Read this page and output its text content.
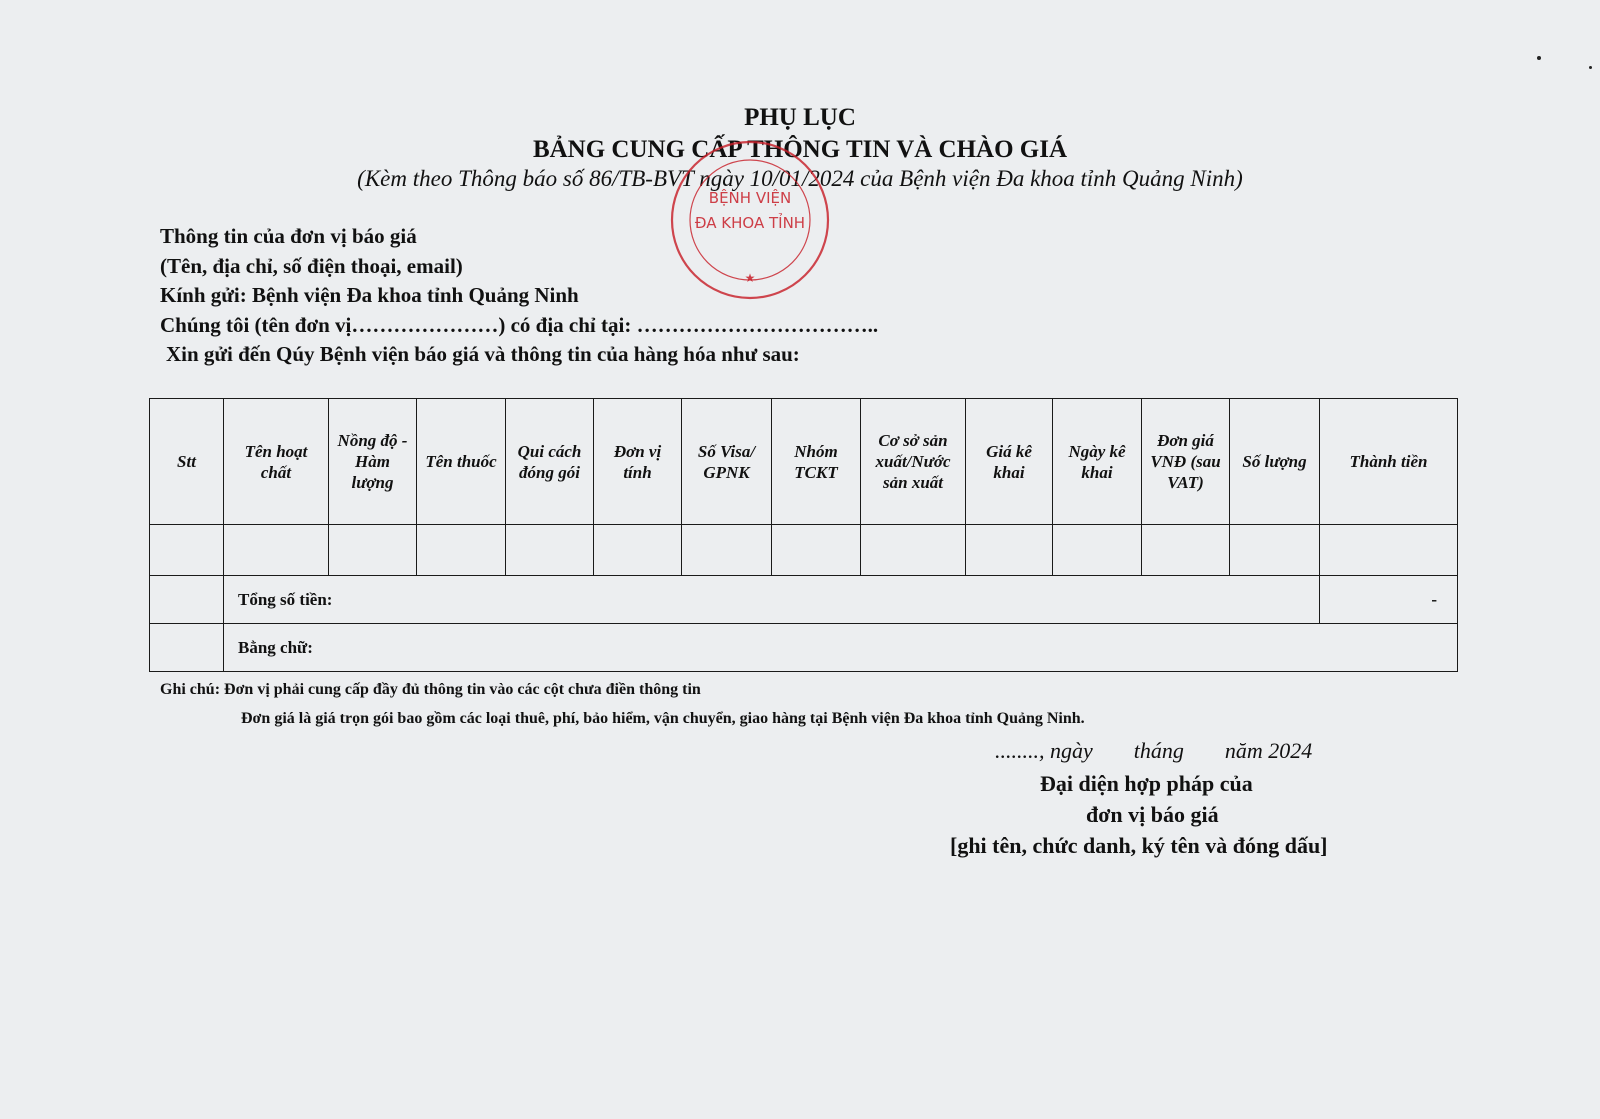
PHỤ LỤC
BẢNG CUNG CẤP THÔNG TIN VÀ CHÀO GIÁ

(Kèm theo Thông báo số 86/TB-BVT ngày 10/01/2024 của Bệnh viện Đa khoa tỉnh Quảng Ninh)

BỆNH VIỆN
ĐA KHOA TỈNH
★
Thông tin của đơn vị báo giá
(Tên, địa chỉ, số điện thoại, email)
Kính gửi: Bệnh viện Đa khoa tỉnh Quảng Ninh
Chúng tôi (tên đơn vị…………………) có địa chỉ tại: ……………………………..
Xin gửi đến Qúy Bệnh viện báo giá và thông tin của hàng hóa như sau:
Stt	Tên hoạt chất	Nồng độ - Hàm lượng	Tên thuốc	Qui cách đóng gói	Đơn vị tính	Số Visa/ GPNK	Nhóm TCKT	Cơ sở sản xuất/Nước sản xuất	Giá kê khai	Ngày kê khai	Đơn giá VNĐ (sau VAT)	Số lượng	Thành tiền

	Tổng số tiền:												-
	Bằng chữ:												
Ghi chú: Đơn vị phải cung cấp đầy đủ thông tin vào các cột chưa điền thông tin
Đơn giá là giá trọn gói bao gồm các loại thuê, phí, bảo hiểm, vận chuyển, giao hàng tại Bệnh viện Đa khoa tỉnh Quảng Ninh.
........, ngày tháng năm 2024
Đại diện hợp pháp của
đơn vị báo giá
[ghi tên, chức danh, ký tên và đóng dấu]
